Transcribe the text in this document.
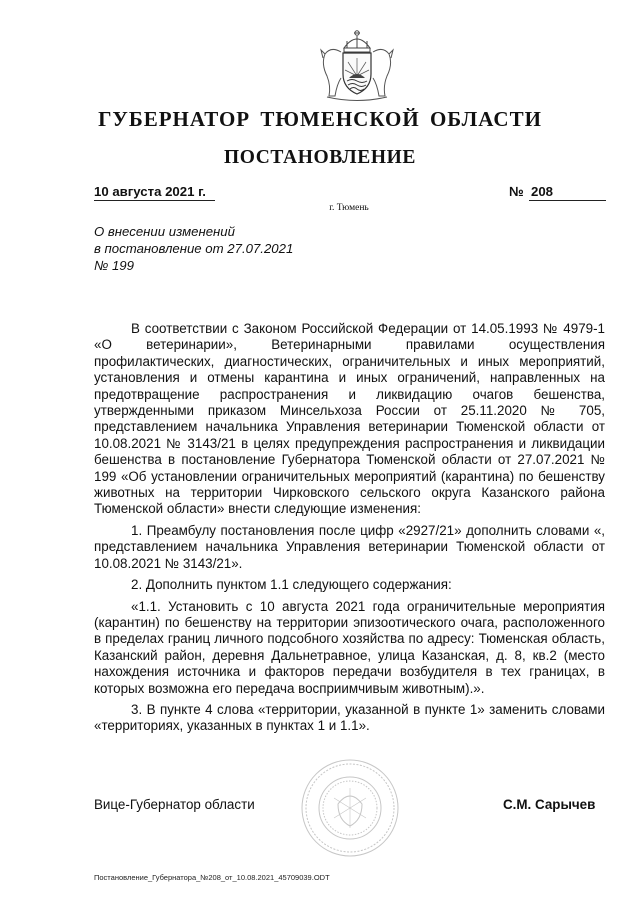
ГУБЕРНАТОР ТЮМЕНСКОЙ ОБЛАСТИ
ПОСТАНОВЛЕНИЕ
10 августа 2021 г.	№ 208
г. Тюмень
О внесении изменений
в постановление от 27.07.2021
№ 199

В соответствии с Законом Российской Федерации от 14.05.1993 № 4979-1 «О ветеринарии», Ветеринарными правилами осуществления профилактических, диагностических, ограничительных и иных мероприятий, установления и отмены карантина и иных ограничений, направленных на предотвращение распространения и ликвидацию очагов бешенства, утвержденными приказом Минсельхоза России от 25.11.2020 № 705, представлением начальника Управления ветеринарии Тюменской области от 10.08.2021 № 3143/21 в целях предупреждения распространения и ликвидации бешенства в постановление Губернатора Тюменской области от 27.07.2021 № 199 «Об установлении ограничительных мероприятий (карантина) по бешенству животных на территории Чирковского сельского округа Казанского района Тюменской области» внести следующие изменения:

1. Преамбулу постановления после цифр «2927/21» дополнить словами «, представлением начальника Управления ветеринарии Тюменской области от 10.08.2021 № 3143/21».

2. Дополнить пунктом 1.1 следующего содержания:

«1.1. Установить с 10 августа 2021 года ограничительные мероприятия (карантин) по бешенству на территории эпизоотического очага, расположенного в пределах границ личного подсобного хозяйства по адресу: Тюменская область, Казанский район, деревня Дальнетравное, улица Казанская, д. 8, кв.2 (место нахождения источника и факторов передачи возбудителя в тех границах, в которых возможна его передача восприимчивым животным).».

3. В пункте 4 слова «территории, указанной в пункте 1» заменить словами «территориях, указанных в пунктах 1 и 1.1».

Вице-Губернатор области	С.М. Сарычев
Постановление_Губернатора_№208_от_10.08.2021_45709039.ODT
